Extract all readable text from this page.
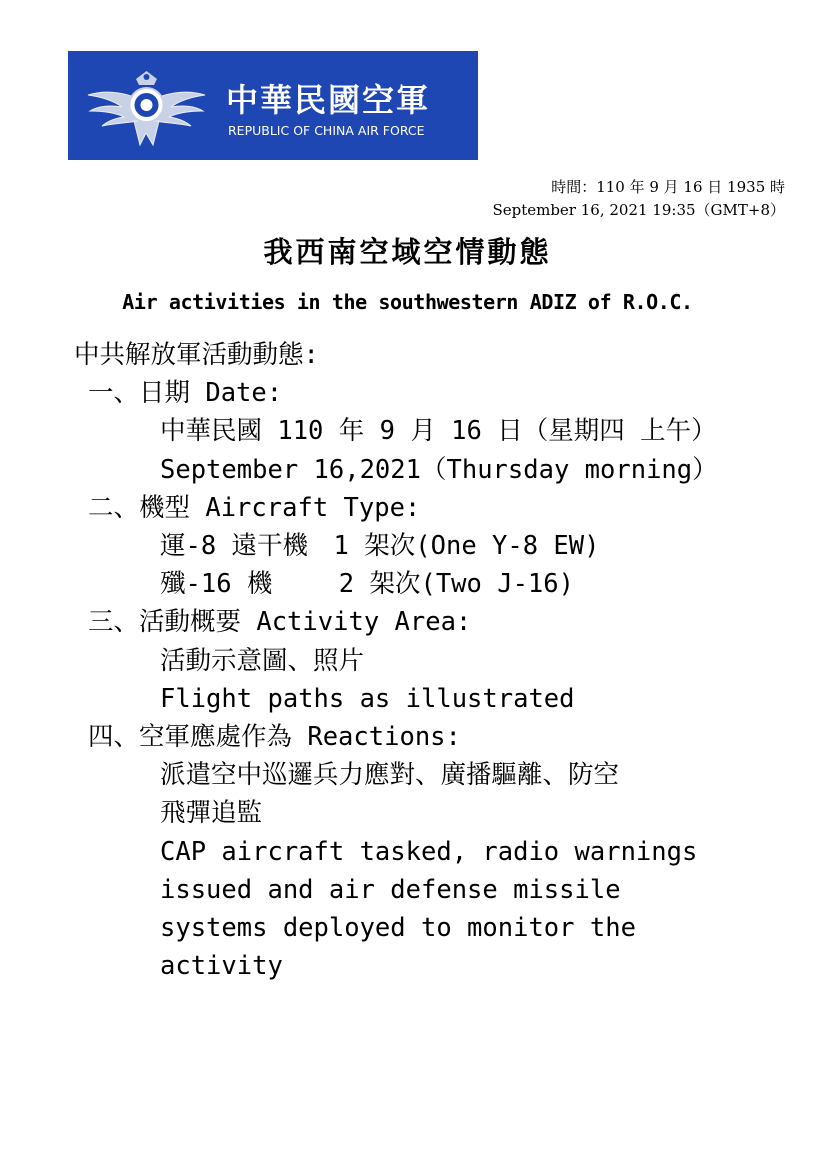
中華民國空軍
REPUBLIC OF CHINA AIR FORCE
時間：110 年 9 月 16 日 1935 時
September 16, 2021 19:35（GMT+8）
我西南空域空情動態
Air activities in the southwestern ADIZ of R.O.C.
中共解放軍活動動態:
一、日期 Date:
中華民國 110 年 9 月 16 日（星期四 上午）
September 16,2021（Thursday morning）
二、機型 Aircraft Type:
運-8 遠干機　1 架次(One Y-8 EW)
殲-16 機　　 2 架次(Two J-16)
三、活動概要 Activity Area:
活動示意圖、照片
Flight paths as illustrated
四、空軍應處作為 Reactions:
派遣空中巡邏兵力應對、廣播驅離、防空
飛彈追監
CAP aircraft tasked, radio warnings
issued and air defense missile
systems deployed to monitor the
activity
